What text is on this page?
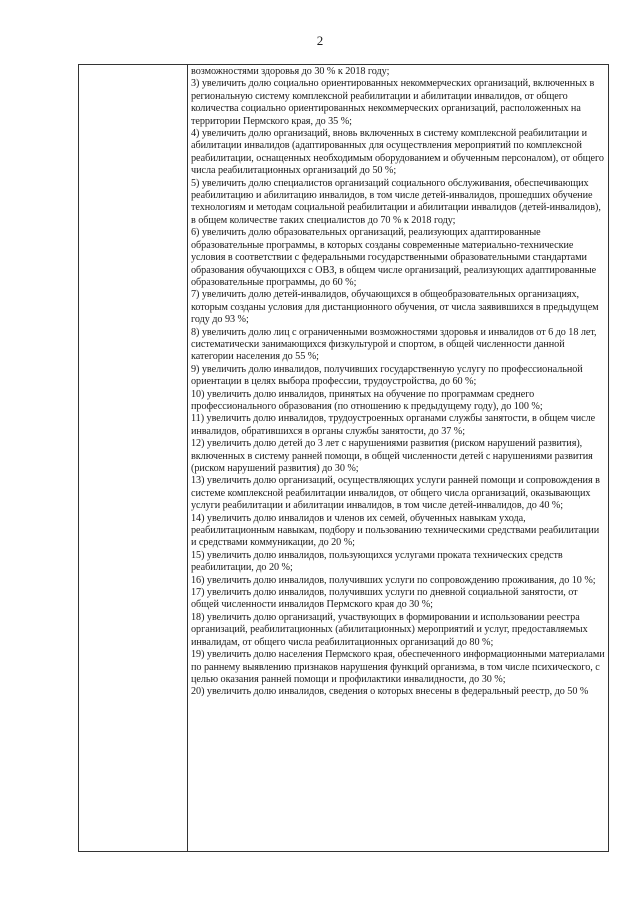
2

возможностями здоровья до 30 % к 2018 году;

3) увеличить долю социально ориентированных некоммерческих организаций, включенных в региональную систему комплексной реабилитации и абилитации инвалидов, от общего количества социально ориентированных некоммерческих организаций, расположенных на территории Пермского края, до 35 %;

4) увеличить долю организаций, вновь включенных в систему комплексной реабилитации и абилитации инвалидов (адаптированных для осуществления мероприятий по комплексной реабилитации, оснащенных необходимым оборудованием и обученным персоналом), от общего числа реабилитационных организаций до 50 %;

5) увеличить долю специалистов организаций социального обслуживания, обеспечивающих реабилитацию и абилитацию инвалидов, в том числе детей-инвалидов, прошедших обучение технологиям и методам социальной реабилитации и абилитации инвалидов (детей-инвалидов), в общем количестве таких специалистов до 70 % к 2018 году;

6) увеличить долю образовательных организаций, реализующих адаптированные образовательные программы, в которых созданы современные материально-технические условия в соответствии с федеральными государственными образовательными стандартами образования обучающихся с ОВЗ, в общем числе организаций, реализующих адаптированные образовательные программы, до 60 %;

7) увеличить долю детей-инвалидов, обучающихся в общеобразовательных организациях, которым созданы условия для дистанционного обучения, от числа заявившихся в предыдущем году до 93 %;

8) увеличить долю лиц с ограниченными возможностями здоровья и инвалидов от 6 до 18 лет, систематически занимающихся физкультурой и спортом, в общей численности данной категории населения до 55 %;

9) увеличить долю инвалидов, получивших государственную услугу по профессиональной ориентации в целях выбора профессии, трудоустройства, до 60 %;

10) увеличить долю инвалидов, принятых на обучение по программам среднего профессионального образования (по отношению к предыдущему году), до 100 %;

11) увеличить долю инвалидов, трудоустроенных органами службы занятости, в общем числе инвалидов, обратившихся в органы службы занятости, до 37 %;

12) увеличить долю детей до 3 лет с нарушениями развития (риском нарушений развития), включенных в систему ранней помощи, в общей численности детей с нарушениями развития (риском нарушений развития) до 30 %;

13) увеличить долю организаций, осуществляющих услуги ранней помощи и сопровождения в системе комплексной реабилитации инвалидов, от общего числа организаций, оказывающих услуги реабилитации и абилитации инвалидов, в том числе детей-инвалидов, до 40 %;

14) увеличить долю инвалидов и членов их семей, обученных навыкам ухода, реабилитационным навыкам, подбору и пользованию техническими средствами реабилитации и средствами коммуникации, до 20 %;

15) увеличить долю инвалидов, пользующихся услугами проката технических средств реабилитации, до 20 %;

16) увеличить долю инвалидов, получивших услуги по сопровождению проживания, до 10 %;

17) увеличить долю инвалидов, получивших услуги по дневной социальной занятости, от общей численности инвалидов Пермского края до 30 %;

18) увеличить долю организаций, участвующих в формировании и использовании реестра организаций, реабилитационных (абилитационных) мероприятий и услуг, предоставляемых инвалидам, от общего числа реабилитационных организаций до 80 %;

19) увеличить долю населения Пермского края, обеспеченного информационными материалами по раннему выявлению признаков нарушения функций организма, в том числе психического, с целью оказания ранней помощи и профилактики инвалидности, до 30 %;

20) увеличить долю инвалидов, сведения о которых внесены в федеральный реестр, до 50 %
